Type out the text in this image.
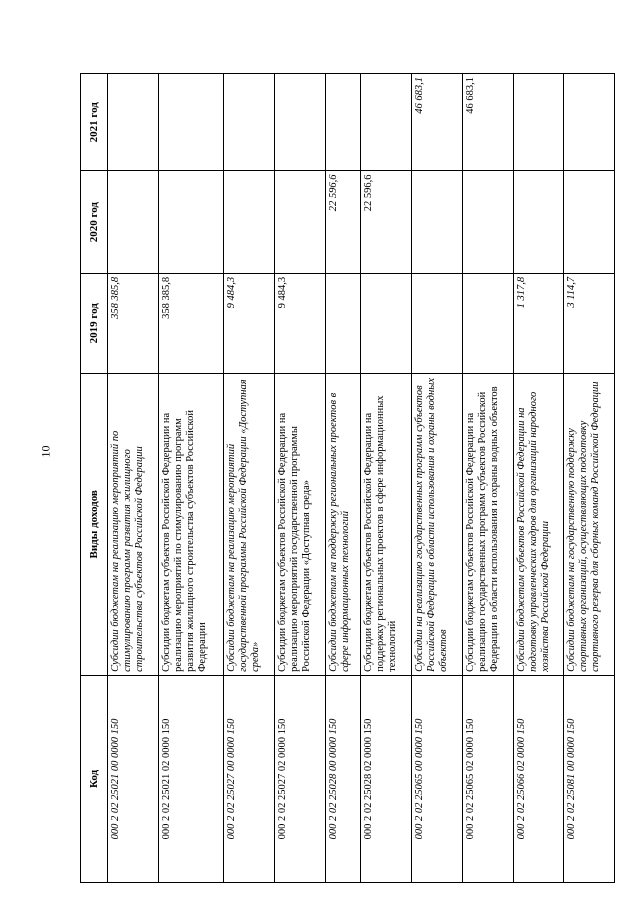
10
Код	Виды доходов	2019 год	2020 год	2021 год
000 2 02 25021 00 0000 150	Субсидии бюджетам на реализацию мероприятий по стимулированию программ развития жилищного строительства субъектов Российской Федерации	358 385,8		
000 2 02 25021 02 0000 150	Субсидии бюджетам субъектов Российской Федерации на реализацию мероприятий по стимулированию программ развития жилищного строительства субъектов Российской Федерации	358 385,8		
000 2 02 25027 00 0000 150	Субсидии бюджетам на реализацию мероприятий государственной программы Российской Федерации «Доступная среда»	9 484,3		
000 2 02 25027 02 0000 150	Субсидии бюджетам субъектов Российской Федерации на реализацию мероприятий государственной программы Российской Федерации «Доступная среда»	9 484,3		
000 2 02 25028 00 0000 150	Субсидии бюджетам на поддержку региональных проектов в сфере информационных технологий		22 596,6	
000 2 02 25028 02 0000 150	Субсидии бюджетам субъектов Российской Федерации на поддержку региональных проектов в сфере информационных технологий		22 596,6	
000 2 02 25065 00 0000 150	Субсидии на реализацию государственных программ субъектов Российской Федерации в области использования и охраны водных объектов			46 683,1
000 2 02 25065 02 0000 150	Субсидии бюджетам субъектов Российской Федерации на реализацию государственных программ субъектов Российской Федерации в области использования и охраны водных объектов			46 683,1
000 2 02 25066 02 0000 150	Субсидии бюджетам субъектов Российской Федерации на подготовку управленческих кадров для организаций народного хозяйства Российской Федерации	1 317,8		
000 2 02 25081 00 0000 150	Субсидии бюджетам на государственную поддержку спортивных организаций, осуществляющих подготовку спортивного резерва для сборных команд Российской Федерации	3 114,7		
